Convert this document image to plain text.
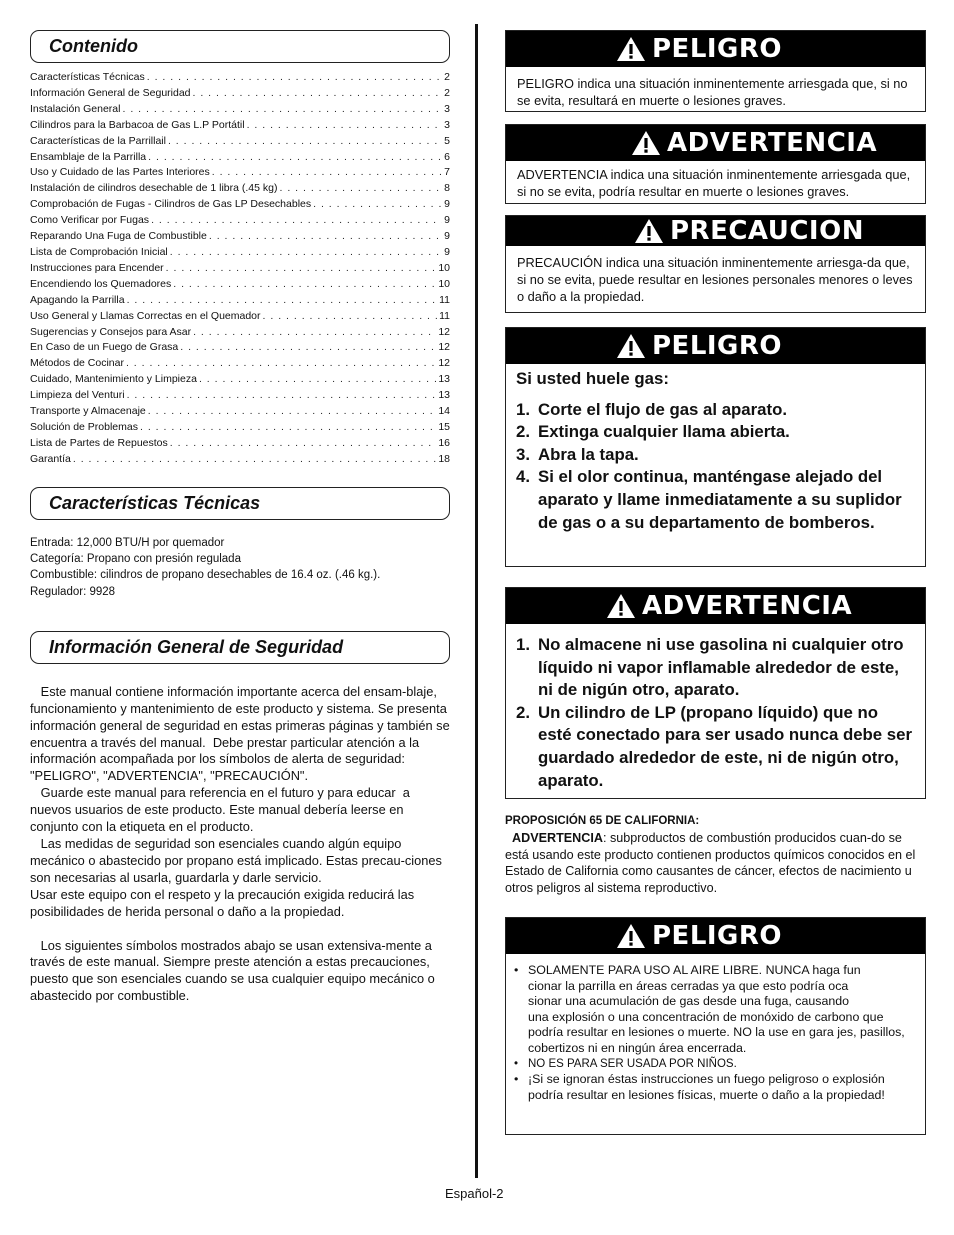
Contenido
Características Técnicas . . .	2
Información General de Seguridad . . .	2
Instalación General . . .	3
Cilindros para la Barbacoa de Gas L.P Portátil . . .	3
Características de la Parrillail . . .	5
Ensamblaje de la Parrilla . . .	6
Uso y Cuidado de las Partes Interiores . . .	7
Instalación de cilindros desechable de 1 libra (.45 kg) . . .	8
Comprobación de Fugas - Cilindros de Gas LP Desechables . . .	9
Como Verificar por Fugas . . .	9
Reparando Una Fuga de Combustible . . .	9
Lista de Comprobación Inicial . . .	9
Instrucciones para Encender . . .	10
Encendiendo los Quemadores . . .	10
Apagando la Parrilla . . .	11
Uso General y Llamas Correctas en el Quemador . . .	11
Sugerencias y Consejos para Asar . . .	12
En Caso de un Fuego de Grasa . . .	12
Métodos de Cocinar . . .	12
Cuidado, Mantenimiento y Limpieza . . .	13
Limpieza del Venturi . . .	13
Transporte y Almacenaje . . .	14
Solución de Problemas . . .	15
Lista de Partes de Repuestos . . .	16
Garantía . . .	18
Características Técnicas

Entrada: 12,000 BTU/H por quemador

Categoría: Propano con presión regulada

Combustible: cilindros de propano desechables de 16.4 oz. (.46 kg.).

Regulador: 9928

Información General de Seguridad

Este manual contiene información importante acerca del ensam-blaje, funcionamiento y mantenimiento de este producto y sistema. Se presenta  información general de seguridad en estas primeras páginas y también se encuentra a través del manual.  Debe prestar particular atención a la información acompañada por los símbolos de alerta de seguridad: "PELIGRO", "ADVERTENCIA", "PRECAUCIÓN".

Guarde este manual para referencia en el futuro y para educar  a nuevos usuarios de este producto. Este manual debería leerse en conjunto con la etiqueta en el producto.

Las medidas de seguridad son esenciales cuando algún equipo mecánico o abastecido por propano está implicado. Estas precau-ciones son necesarias al usarla, guardarla y darle servicio.

Usar este equipo con el respeto y la precaución exigida reducirá las posibilidades de herida personal o daño a la propiedad.

Los siguientes símbolos mostrados abajo se usan extensiva-mente a través de este manual. Siempre preste atención a estas precauciones, puesto que son esenciales cuando se usa cualquier equipo mecánico o abastecido por combustible.

PELIGRO
PELIGRO indica una situación inminentemente arriesgada que, si no se evita, resultará en muerte o lesiones graves.
ADVERTENCIA
ADVERTENCIA indica una situación inminentemente arriesgada que, si no se evita, podría resultar en muerte o lesiones graves.
PRECAUCION
PRECAUCIÓN indica una situación inminentemente arriesga-da que, si no se evita, puede resultar en lesiones personales menores o leves o daño a la propiedad.
PELIGRO
Si usted huele gas:
1. Corte el flujo de gas al aparato.
2. Extinga cualquier llama abierta.
3. Abra la tapa.
4. Si el olor continua, manténgase alejado del aparato y llame inmediatamente a su suplidor de gas o a su departamento de bomberos.
ADVERTENCIA
1. No almacene ni use gasolina ni cualquier otro líquido ni vapor inflamable alrededor de este, ni de nigún otro, aparato.
2. Un cilindro de LP (propano líquido) que no esté conectado para ser usado nunca debe ser guardado alrededor de este, ni de nigún otro, aparato.
PROPOSICIÓN 65 DE CALIFORNIA:
ADVERTENCIA: subproductos de combustión producidos cuan-do se está usando este producto contienen productos químicos conocidos en el Estado de California como causantes de cáncer, efectos de nacimiento u otros peligros al sistema reproductivo.
PELIGRO
• SOLAMENTE PARA USO AL AIRE LIBRE. NUNCA haga fun          cionar la parrilla en áreas cerradas ya que esto podría oca                          sionar una acumulación de gas desde una fuga, causando                              una explosión o una concentración de monóxido de carbono que podría resultar en lesiones o muerte. NO la use en gara jes, pasillos, cobertizos ni en ningún área encerrada.
• NO ES PARA SER USADA POR NIÑOS.
• ¡Si se ignoran éstas instrucciones un fuego peligroso o explosión podría resultar en lesiones físicas, muerte o daño a la propiedad!
Español-2
